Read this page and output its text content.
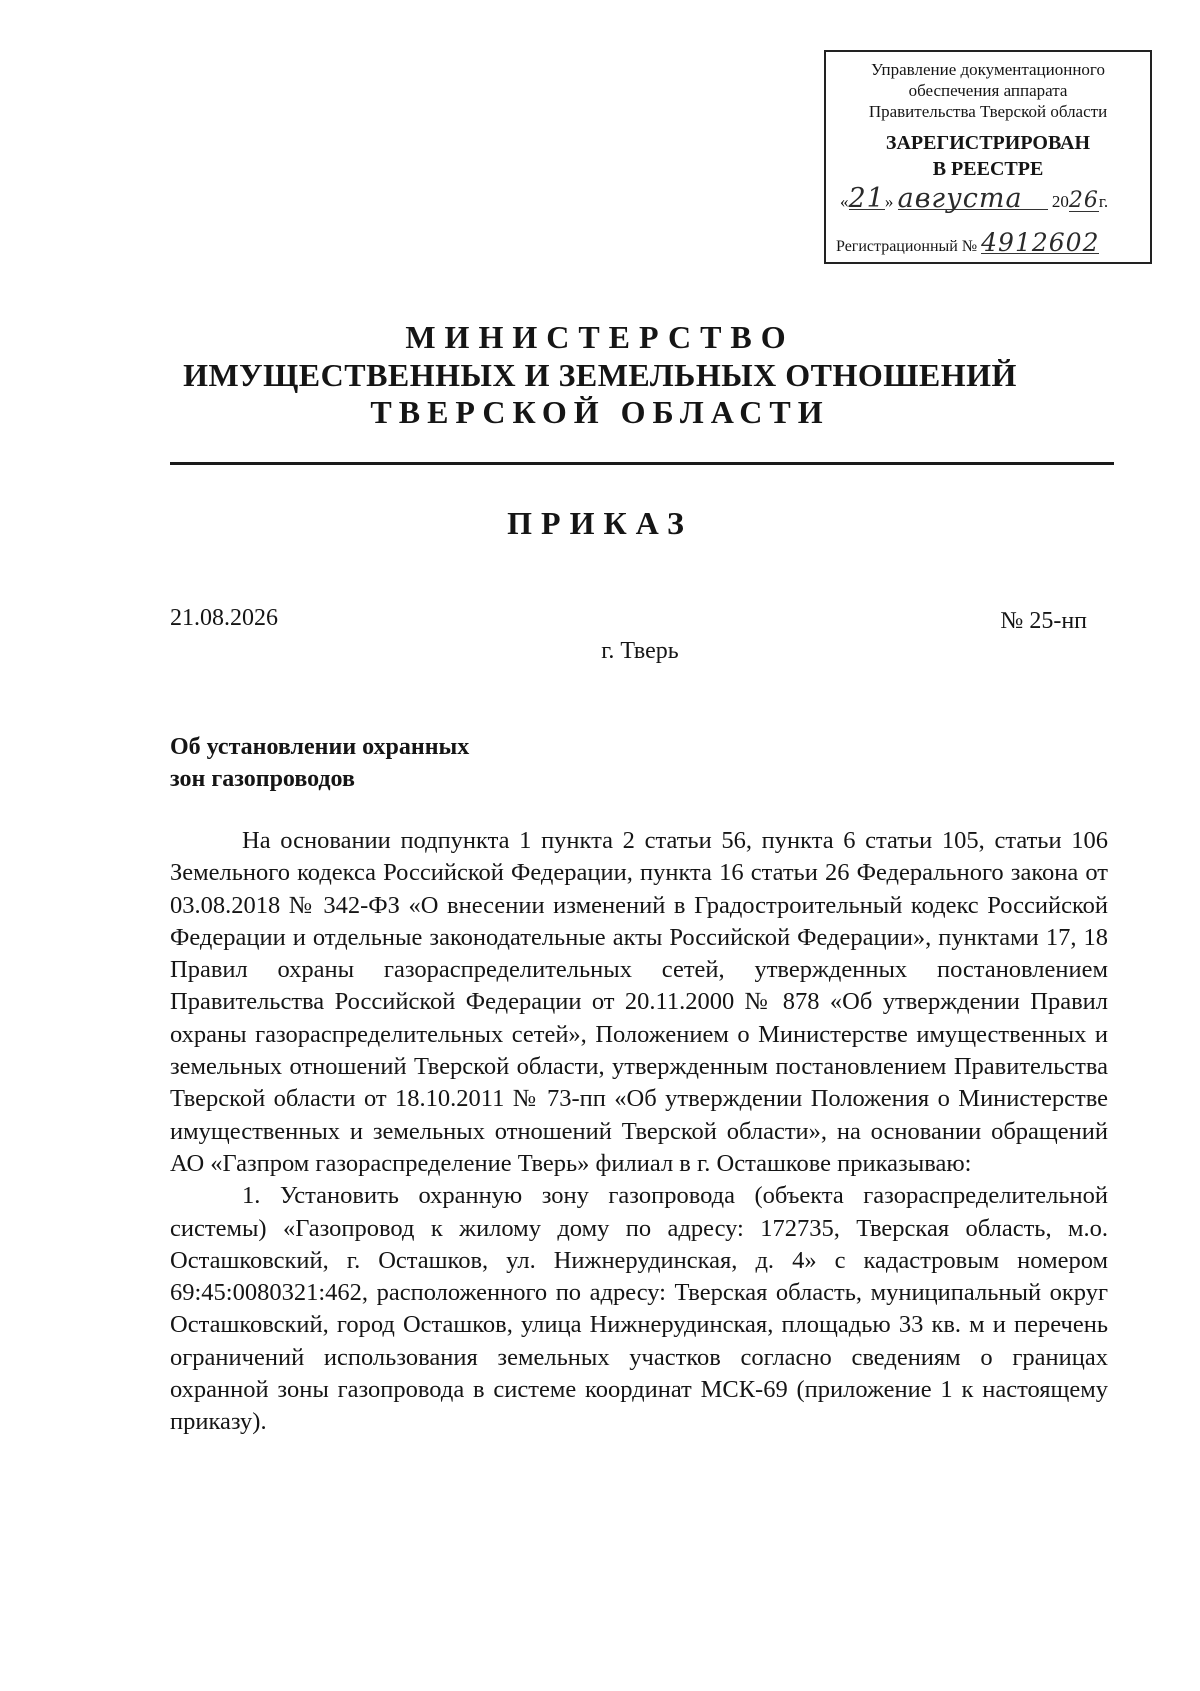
Управление документационного
обеспечения аппарата
Правительства Тверской области
ЗАРЕГИСТРИРОВАН
В РЕЕСТРЕ
«21» августа 2026г.
Регистрационный № 4912602
МИНИСТЕРСТВО
ИМУЩЕСТВЕННЫХ И ЗЕМЕЛЬНЫХ ОТНОШЕНИЙ
ТВЕРСКОЙ ОБЛАСТИ
ПРИКАЗ
21.08.2026	№ 25-нп
г. Тверь
Об установлении охранных
зон газопроводов

На основании подпункта 1 пункта 2 статьи 56, пункта 6 статьи 105, статьи 106 Земельного кодекса Российской Федерации, пункта 16 статьи 26 Федерального закона от 03.08.2018 № 342-ФЗ «О внесении изменений в Градостроительный кодекс Российской Федерации и отдельные законодательные акты Российской Федерации», пунктами 17, 18 Правил охраны газораспределительных сетей, утвержденных постановлением Правительства Российской Федерации от 20.11.2000 № 878 «Об утверждении Правил охраны газораспределительных сетей», Положением о Министерстве имущественных и земельных отношений Тверской области, утвержденным постановлением Правительства Тверской области от 18.10.2011 № 73-пп «Об утверждении Положения о Министерстве имущественных и земельных отношений Тверской области», на основании обращений АО «Газпром газораспределение Тверь» филиал в г. Осташкове приказываю:

1. Установить охранную зону газопровода (объекта газораспределительной системы) «Газопровод к жилому дому по адресу: 172735, Тверская область, м.о. Осташковский, г. Осташков, ул. Нижнерудинская, д. 4» с кадастровым номером 69:45:0080321:462, расположенного по адресу: Тверская область, муниципальный округ Осташковский, город Осташков, улица Нижнерудинская, площадью 33 кв. м и перечень ограничений использования земельных участков согласно сведениям о границах охранной зоны газопровода в системе координат МСК-69 (приложение 1 к настоящему приказу).
